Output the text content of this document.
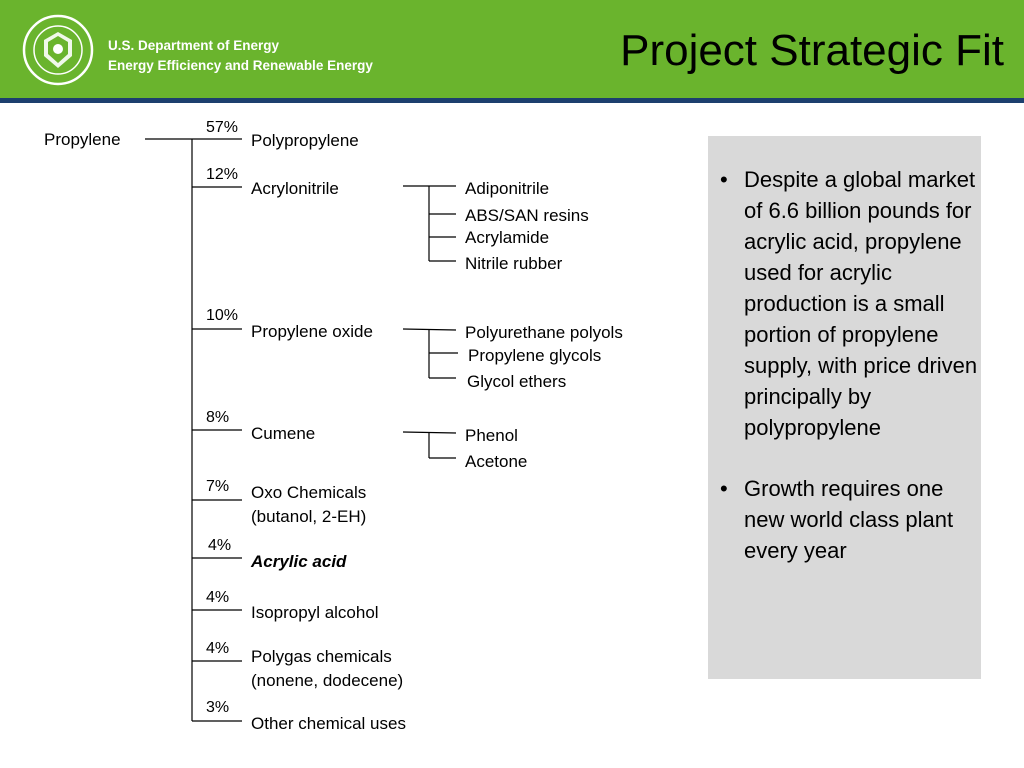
U.S. Department of Energy
Energy Efficiency and Renewable Energy	Project Strategic Fit
Propylene
57%
12%
10%
8%
7%
4%
4%
4%
3%
Polypropylene
Acrylonitrile
Propylene oxide
Cumene
Oxo Chemicals
(butanol, 2-EH)
Acrylic acid
Isopropyl alcohol
Polygas chemicals
(nonene, dodecene)
Other chemical uses
Adiponitrile
ABS/SAN resins
Acrylamide
Nitrile rubber
Polyurethane polyols
Propylene glycols
Glycol ethers
Phenol
Acetone
• Despite a global market of 6.6 billion pounds for acrylic acid, propylene used for acrylic production is a small portion of propylene supply, with price driven principally by polypropylene
• Growth requires one new world class plant every year
